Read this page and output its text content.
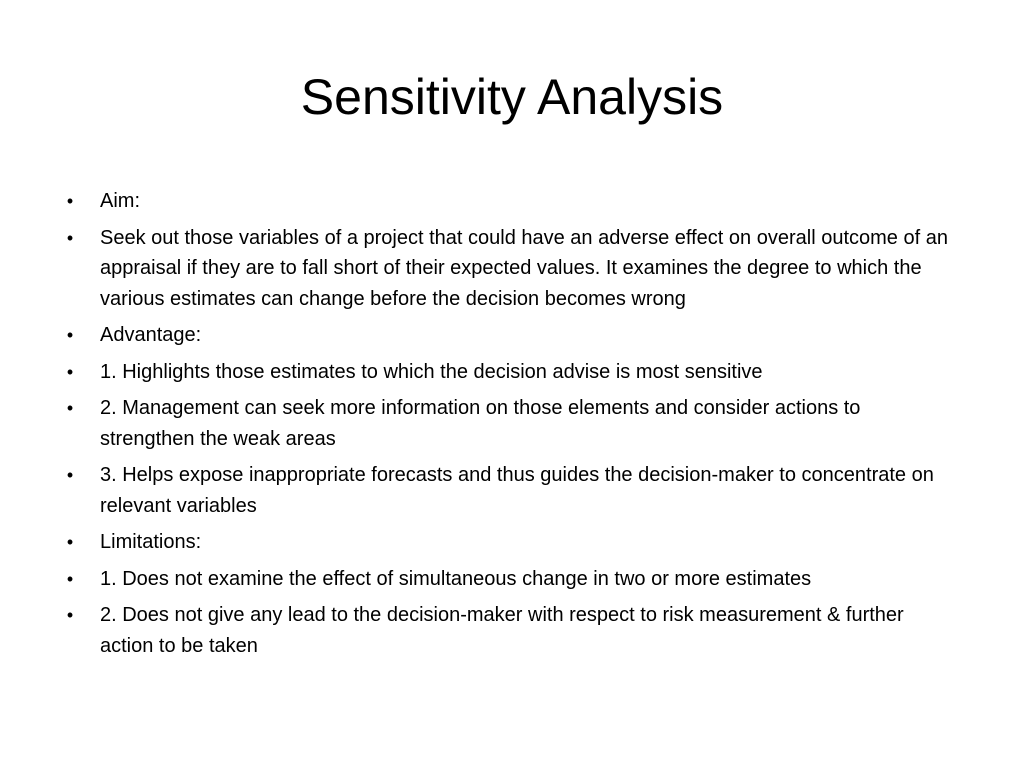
Sensitivity Analysis
•	Aim:
•	Seek out those variables of a project that could have an adverse effect on overall outcome of an appraisal if they are to fall short of their expected values. It examines the degree to which the various estimates can change before the decision becomes wrong
•	Advantage:
•	1. Highlights those estimates to which the decision advise is most sensitive
•	2. Management can seek more information on those elements and consider actions to strengthen the weak areas
•	3. Helps expose inappropriate forecasts and thus guides the decision-maker to concentrate on relevant variables
•	Limitations:
•	1. Does not examine the effect of simultaneous change in two or more estimates
•	2. Does not give any lead to the decision-maker with respect to risk measurement & further action to be taken
